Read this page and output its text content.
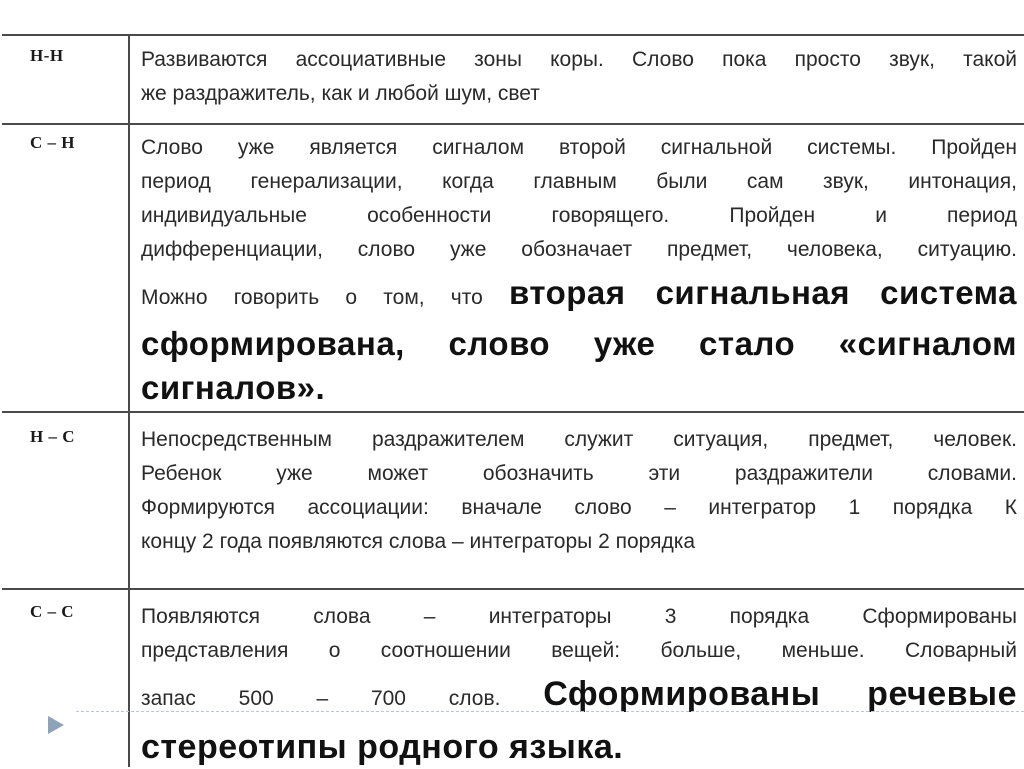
Н-Н	Развиваются ассоциативные зоны коры. Слово пока просто звук, такой
же раздражитель, как и любой шум, свет
С – Н	Слово уже является сигналом второй сигнальной системы. Пройден
период генерализации, когда главным были сам звук, интонация,
индивидуальные особенности говорящего. Пройден и период
дифференциации, слово уже обозначает предмет, человека, ситуацию.
Можно говорить о том, что вторая сигнальная система
сформирована, слово уже стало «сигналом
сигналов».
Н – С	Непосредственным раздражителем служит ситуация, предмет, человек.
Ребенок уже может обозначить эти раздражители словами.
Формируются ассоциации: вначале слово – интегратор 1 порядка К
концу 2 года появляются слова – интеграторы 2 порядка
С – С	Появляются слова – интеграторы 3 порядка Сформированы
представления о соотношении вещей: больше, меньше. Словарный
запас 500 – 700 слов. Сформированы речевые
стереотипы родного языка.
